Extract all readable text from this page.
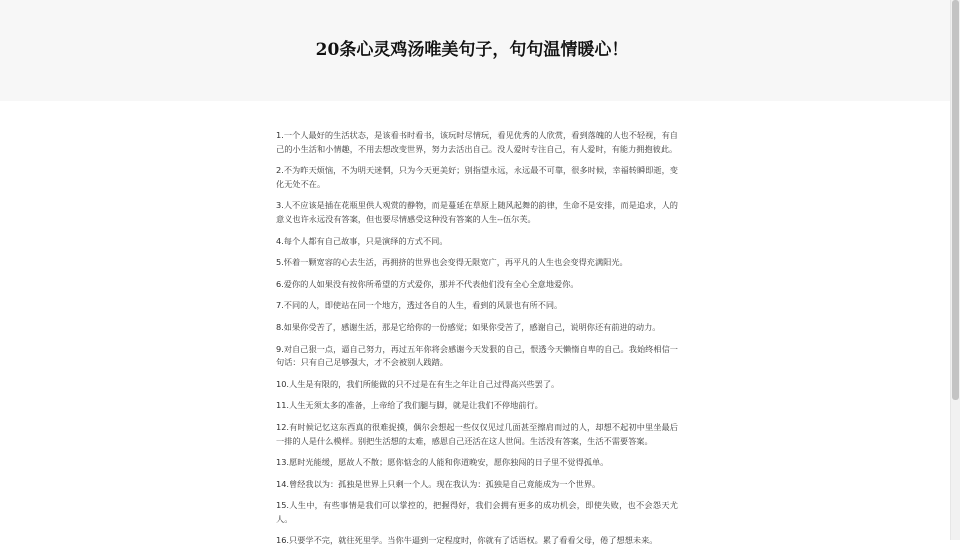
20条心灵鸡汤唯美句子，句句温情暖心！

1.一个人最好的生活状态，是该看书时看书，该玩时尽情玩，看见优秀的人欣赏，看到落魄的人也不轻视，有自己的小生活和小情趣，不用去想改变世界，努力去活出自己。没人爱时专注自己，有人爱时，有能力拥抱彼此。

2.不为昨天烦恼，不为明天迷惘，只为今天更美好；别指望永远，永远最不可靠，很多时候，幸福转瞬即逝，变化无处不在。

3.人不应该是插在花瓶里供人观赏的静物，而是蔓延在草原上随风起舞的韵律，生命不是安排，而是追求，人的意义也许永远没有答案，但也要尽情感受这种没有答案的人生--伍尔芙。

4.每个人都有自己故事，只是演绎的方式不同。

5.怀着一颗宽容的心去生活，再拥挤的世界也会变得无限宽广，再平凡的人生也会变得充满阳光。

6.爱你的人如果没有按你所希望的方式爱你，那并不代表他们没有全心全意地爱你。

7.不同的人，即使站在同一个地方，透过各自的人生，看到的风景也有所不同。

8.如果你受苦了，感谢生活，那是它给你的一份感觉；如果你受苦了，感谢自己，说明你还有前进的动力。

9.对自己狠一点，逼自己努力，再过五年你将会感谢今天发狠的自己，恨透今天懒惰自卑的自己。我始终相信一句话：只有自己足够强大，才不会被别人践踏。

10.人生是有限的，我们所能做的只不过是在有生之年让自己过得高兴些罢了。

11.人生无须太多的准备，上帝给了我们腿与脚，就是让我们不停地前行。

12.有时候记忆这东西真的很难捉摸，偶尔会想起一些仅仅见过几面甚至擦肩而过的人，却想不起初中里坐最后一排的人是什么模样。别把生活想的太难，感恩自己还活在这人世间。生活没有答案，生活不需要答案。

13.愿时光能缓，愿故人不散；愿你惦念的人能和你道晚安，愿你独闯的日子里不觉得孤单。

14.曾经我以为：孤独是世界上只剩一个人。现在我认为：孤独是自己竟能成为一个世界。

15.人生中，有些事情是我们可以掌控的，把握得好，我们会拥有更多的成功机会，即使失败，也不会怨天尤人。

16.只要学不完，就往死里学。当你牛逼到一定程度时，你就有了话语权。累了看看父母，倦了想想未来。
